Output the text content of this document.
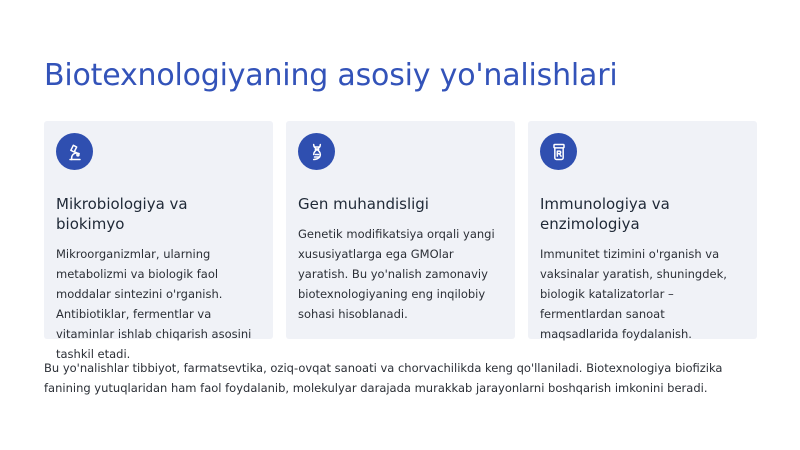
Biotexnologiyaning asosiy yo'nalishlari
Mikrobiologiya va biokimyo
Mikroorganizmlar, ularning metabolizmi va biologik faol moddalar sintezini o'rganish. Antibiotiklar, fermentlar va vitaminlar ishlab chiqarish asosini tashkil etadi.
Gen muhandisligi
Genetik modifikatsiya orqali yangi xususiyatlarga ega GMOlar yaratish. Bu yo'nalish zamonaviy biotexnologiyaning eng inqilobiy sohasi hisoblanadi.
Immunologiya va enzimologiya
Immunitet tizimini o'rganish va vaksinalar yaratish, shuningdek, biologik katalizatorlar – fermentlardan sanoat maqsadlarida foydalanish.

Bu yo'nalishlar tibbiyot, farmatsevtika, oziq-ovqat sanoati va chorvachilikda keng qo'llaniladi. Biotexnologiya biofizika fanining yutuqlaridan ham faol foydalanib, molekulyar darajada murakkab jarayonlarni boshqarish imkonini beradi.
